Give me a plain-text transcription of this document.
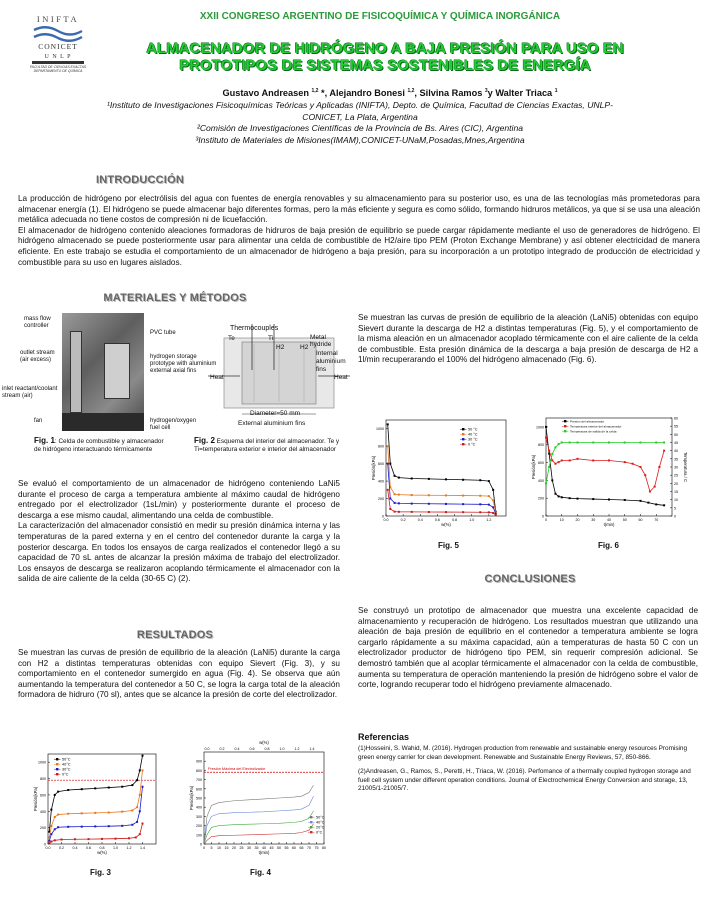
INIFTA
CONICET
U N L P
FACULTAD DE CIENCIAS EXACTAS DEPARTAMENTO DE QUÍMICA
XXII CONGRESO ARGENTINO DE FISICOQUÍMICA Y QUÍMICA INORGÁNICA
ALMACENADOR DE HIDRÓGENO A BAJA PRESIÓN PARA USO EN
PROTOTIPOS DE SISTEMAS SOSTENIBLES DE ENERGÍA
Gustavo Andreasen $^{1,2}$ *, Alejandro Bonesi $^{1,2}$, Silvina Ramos $^3$y Walter Triaca $^1$
¹Instituto de Investigaciones Fisicoquímicas Teóricas y Aplicadas (INIFTA), Depto. de Química, Facultad de Ciencias Exactas, UNLP-
CONICET, La Plata, Argentina
²Comisión de Investigaciones Científicas de la Provincia de Bs. Aires (CIC), Argentina
³Instituto de Materiales de Misiones(IMAM),CONICET-UNaM,Posadas,Mnes,Argentina
INTRODUCCIÓN
La producción de hidrógeno por electrólisis del agua con fuentes de energía renovables y su almacenamiento para su posterior uso, es una de las tecnologías más prometedoras para almacenar energía (1). El hidrógeno se puede almacenar bajo diferentes formas, pero la más eficiente y segura es como sólido, formando hidruros metálicos, ya que si se usa una aleación metálica adecuada no tiene costos de compresión ni de licuefacción.
El almacenador de hidrógeno contenido aleaciones formadoras de hidruros de baja presión de equilibrio se puede cargar rápidamente mediante el uso de generadores de hidrógeno. El hidrógeno almacenado se puede posteriormente usar para alimentar una celda de combustible de H2/aire tipo PEM (Proton Exchange Membrane) y así obtener electricidad de manera eficiente. En este trabajo se estudia el comportamiento de un almacenador de hidrógeno a baja presión, para su incorporación a un prototipo integrado de producción de electricidad y combustible para su uso en lugares aislados.
MATERIALES Y MÉTODOS
mass flow controller
outlet stream (air excess)
inlet reactant/coolant stream (air)
fan
PVC tube
hydrogen storage prototype with aluminium external axial fins
hydrogen/oxygen fuel cell
Fig. 1: Celda de combustible y almacenador de hidrógeno interactuando térmicamente
Thermocouples
Te	Ti	Metal hydride
Internal aluminium fins
Heat	Heat
H2 H2
Diameter=50 mm
External aluminium fins
Fig. 2 Esquema del interior del almacenador. Te y Ti=temperatura exterior e interior del almacenador
Se evaluó el comportamiento de un almacenador de hidrógeno conteniendo LaNi5 durante el proceso de carga a temperatura ambiente al máximo caudal de hidrógeno entregado por el electrolizador (1sL/min) y posteriormente durante el proceso de descarga a ese mismo caudal, alimentando una celda de combustible.
La caracterización del almacenador consistió en medir su presión dinámica interna y las temperaturas de la pared externa y en el centro del contenedor durante la carga y la posterior descarga. En todos los ensayos de carga realizados el contenedor llegó a su capacidad de 70 sL antes de alcanzar la presión máxima de trabajo del electrolizador. Los ensayos de descarga se realizaron acoplando térmicamente el almacenador con la salida de aire caliente de la celda (30-65 C) (2).
RESULTADOS
Se muestran las curvas de presión de equilibrio de la aleación (LaNi5) durante la carga con H2 a distintas temperaturas obtenidas con equipo Sievert (Fig. 3), y su comportamiento en el contenedor sumergido en agua (Fig. 4). Se observa que aún aumentando la temperatura del contenedor a 50 C, se logra la carga total de la aleación formadora de hidruro (70 sl), antes que se alcance la presión de corte del electrolizador.
0
200
400
600
800
1000
0.0 0.2 0.4 0.6 0.8 1.0 1.2 1.4
w(%)
Presión(kPa)
50°C
40°C
30°C
0°C
Fig. 3
0
100
200
300
400
500
600
700
800
900
0 5 10 15 20 25 30 35 40 45 50 55 60 65 70 75 80
t(min)
Presión(kPa)
0.0	0.2	0.4	0.6	0.8	1.0	1.2	1.4
w(%)
Presión Máxima del Electrolizador
50°C
40°C
20°C
0°C
Fig. 4
Se muestran las curvas de presión de equilibrio de la aleación (LaNi5) obtenidas con equipo Sievert durante la descarga de H2 a distintas temperaturas (Fig. 5), y el comportamiento de la misma aleación en un almacenador acoplado térmicamente con el aire caliente de la celda de combustible. Esta presión dinámica de la descarga a baja presión de descarga de H2 a 1l/min recuperarando el 100% del hidrógeno almacenado (Fig. 6).
0
200
400
600
800
1000
0.0	0.2	0.4	0.6	0.8	1.0	1.2
w(%)
Presión(kPa)
50 °C
40 °C
30 °C
0 °C
Fig. 5
0
200
400
600
800
1000
0	10	20	30	40	50	60	70
t(min)
Presión(kPa)
0
5
10
15
20
25
30
35
40
45
50
55
60
Temperatura / C
Presión del almacenador
Temperatura interior del almacenador
Temperatura de salida de la celda
Fig. 6
CONCLUSIONES
Se construyó un prototipo de almacenador que muestra una excelente capacidad de almacenamiento y recuperación de hidrógeno. Los resultados muestran que utilizando una aleación de baja presión de equilibrio en el contenedor a temperatura ambiente se logra cargarlo rápidamente a su máxima capacidad, aún a temperaturas de hasta 50 C con un electrolizador productor de hidrógeno tipo PEM, sin requerir compresión adicional. Se demostró también que al acoplar térmicamente el almacenador con la celda de combustible, aumenta su temperatura de operación manteniendo la presión de hidrógeno sobre el valor de corte, logrando recuperar todo el hidrógeno previamente almacenado.
Referencias
(1)Hosseini, S. Wahid, M. (2016). Hydrogen production from renewable and sustainable energy resources Promising green energy carrier for clean development. Renewable and Sustainable Energy Reviews, 57, 850-866.
(2)Andreasen, G., Ramos, S., Peretti, H., Triaca, W. (2016). Perfomance of a thermally coupled hydrogen storage and fuell cell system under different operation conditions. Journal of Electrochemical Energy Conversion and storage, 13, 21005/1-21005/7.
